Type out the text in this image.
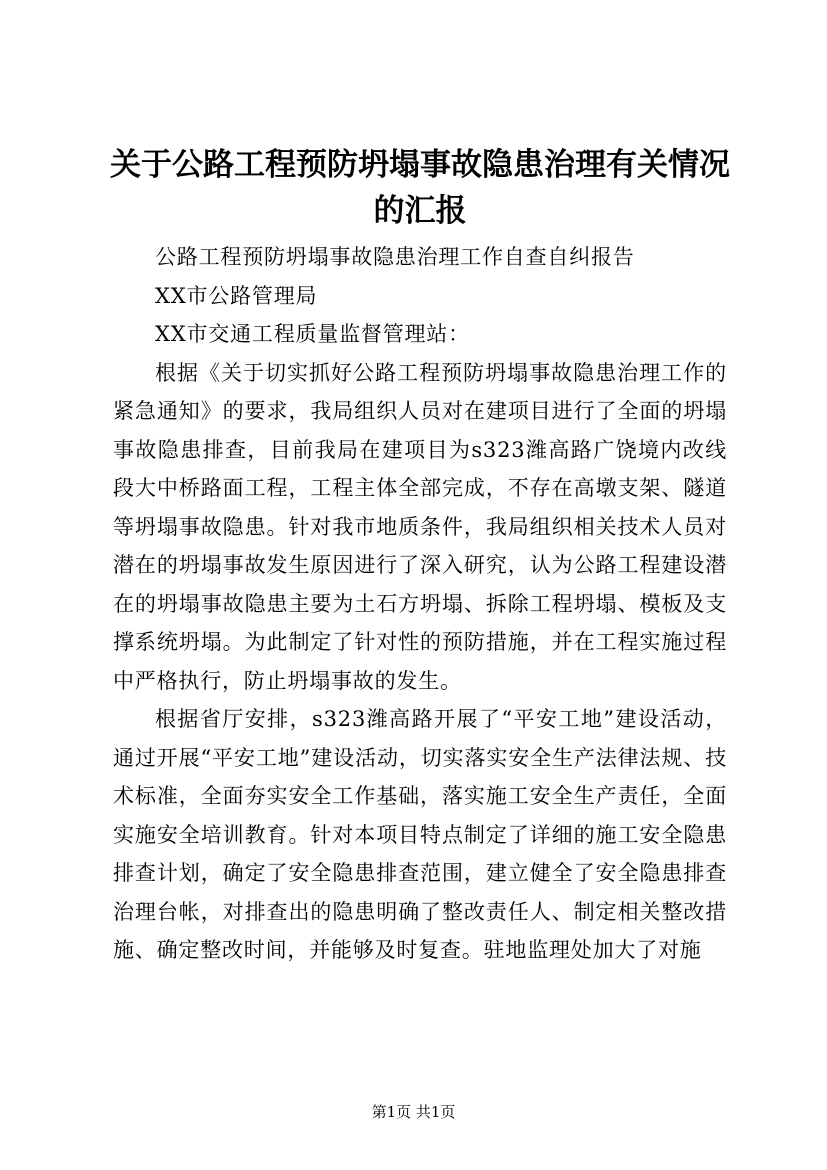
关于公路工程预防坍塌事故隐患治理有关情况的汇报

公路工程预防坍塌事故隐患治理工作自查自纠报告

XX市公路管理局

XX市交通工程质量监督管理站：

根据《关于切实抓好公路工程预防坍塌事故隐患治理工作的紧急通知》的要求，我局组织人员对在建项目进行了全面的坍塌事故隐患排查，目前我局在建项目为s323潍高路广饶境内改线段大中桥路面工程，工程主体全部完成，不存在高墩支架、隧道等坍塌事故隐患。针对我市地质条件，我局组织相关技术人员对潜在的坍塌事故发生原因进行了深入研究，认为公路工程建设潜在的坍塌事故隐患主要为土石方坍塌、拆除工程坍塌、模板及支撑系统坍塌。为此制定了针对性的预防措施，并在工程实施过程中严格执行，防止坍塌事故的发生。

根据省厅安排，s323潍高路开展了“平安工地”建设活动，通过开展“平安工地”建设活动，切实落实安全生产法律法规、技术标准，全面夯实安全工作基础，落实施工安全生产责任，全面实施安全培训教育。针对本项目特点制定了详细的施工安全隐患排查计划，确定了安全隐患排查范围，建立健全了安全隐患排查治理台帐，对排查出的隐患明确了整改责任人、制定相关整改措施、确定整改时间，并能够及时复查。驻地监理处加大了对施

第1页 共1页
